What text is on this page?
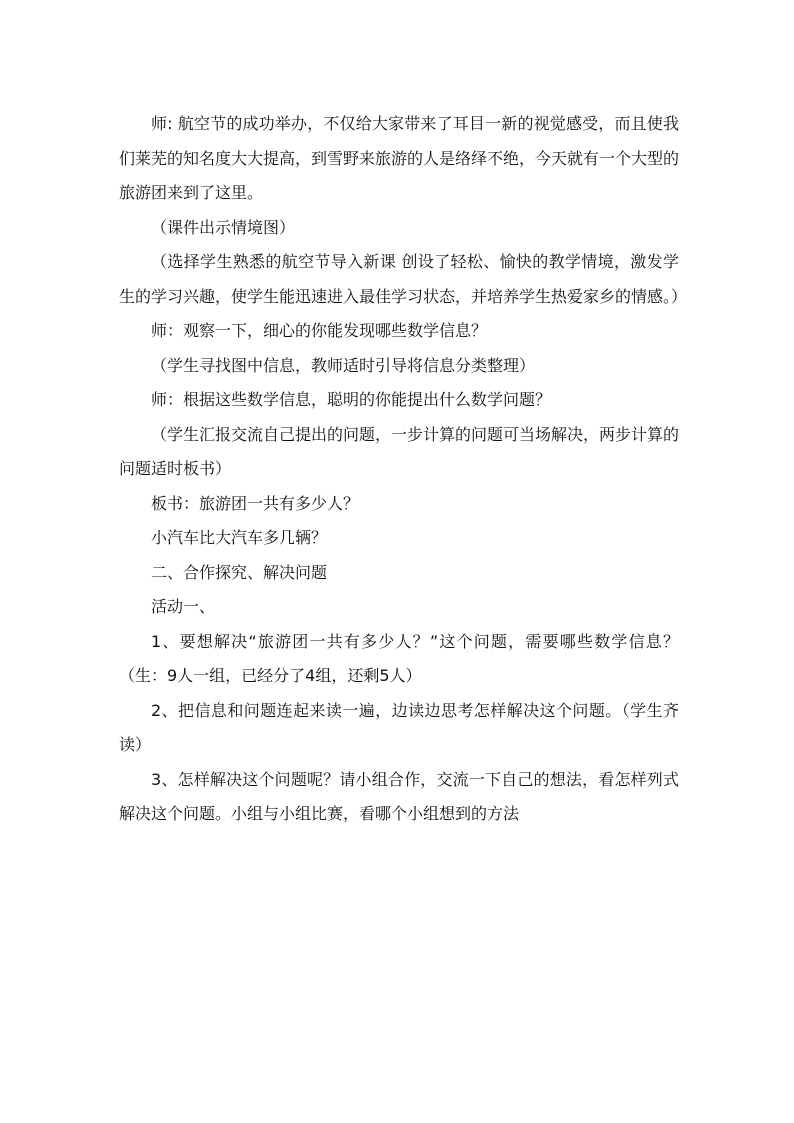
师: 航空节的成功举办，不仅给大家带来了耳目一新的视觉感受，而且使我们莱芜的知名度大大提高，到雪野来旅游的人是络绎不绝，今天就有一个大型的旅游团来到了这里。

（课件出示情境图）

（选择学生熟悉的航空节导入新课 创设了轻松、愉快的教学情境，激发学生的学习兴趣，使学生能迅速进入最佳学习状态，并培养学生热爱家乡的情感。）

师：观察一下，细心的你能发现哪些数学信息？

（学生寻找图中信息，教师适时引导将信息分类整理）

师：根据这些数学信息，聪明的你能提出什么数学问题？

（学生汇报交流自己提出的问题，一步计算的问题可当场解决，两步计算的问题适时板书）

板书：旅游团一共有多少人？

小汽车比大汽车多几辆？

二、合作探究、解决问题

活动一、

1、要想解决“旅游团一共有多少人？”这个问题，需要哪些数学信息？（生：9人一组，已经分了4组，还剩5人）

2、把信息和问题连起来读一遍，边读边思考怎样解决这个问题。（学生齐读）

3、怎样解决这个问题呢？请小组合作，交流一下自己的想法，看怎样列式解决这个问题。小组与小组比赛，看哪个小组想到的方法
